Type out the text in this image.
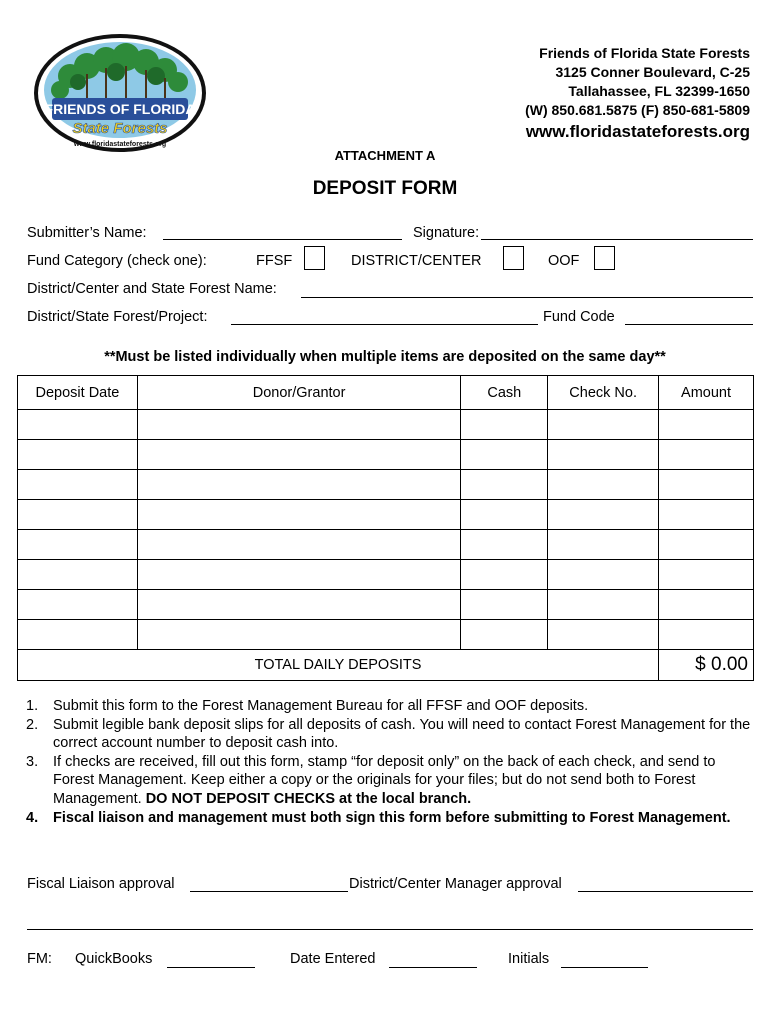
FRIENDS OF FLORIDA
State Forests
www.floridastateforests.org
Friends of Florida State Forests
3125 Conner Boulevard, C-25
Tallahassee, FL 32399-1650
(W) 850.681.5875 (F) 850-681-5809
www.floridastateforests.org
ATTACHMENT A
DEPOSIT FORM
Submitter’s Name:	Signature:
Fund Category (check one):	FFSF	DISTRICT/CENTER	OOF
District/Center and State Forest Name:
District/State Forest/Project:	Fund Code
**Must be listed individually when multiple items are deposited on the same day**
Deposit Date	Donor/Grantor	Cash	Check No.	Amount

TOTAL DAILY DEPOSITS				$ 0.00
1. Submit this form to the Forest Management Bureau for all FFSF and OOF deposits.
2. Submit legible bank deposit slips for all deposits of cash. You will need to contact Forest Management for the correct account number to deposit cash into.
3. If checks are received, fill out this form, stamp “for deposit only” on the back of each check, and send to Forest Management. Keep either a copy or the originals for your files; but do not send both to Forest Management. DO NOT DEPOSIT CHECKS at the local branch.
4. Fiscal liaison and management must both sign this form before submitting to Forest Management.
Fiscal Liaison approval	District/Center Manager approval
FM: QuickBooks	Date Entered	Initials
